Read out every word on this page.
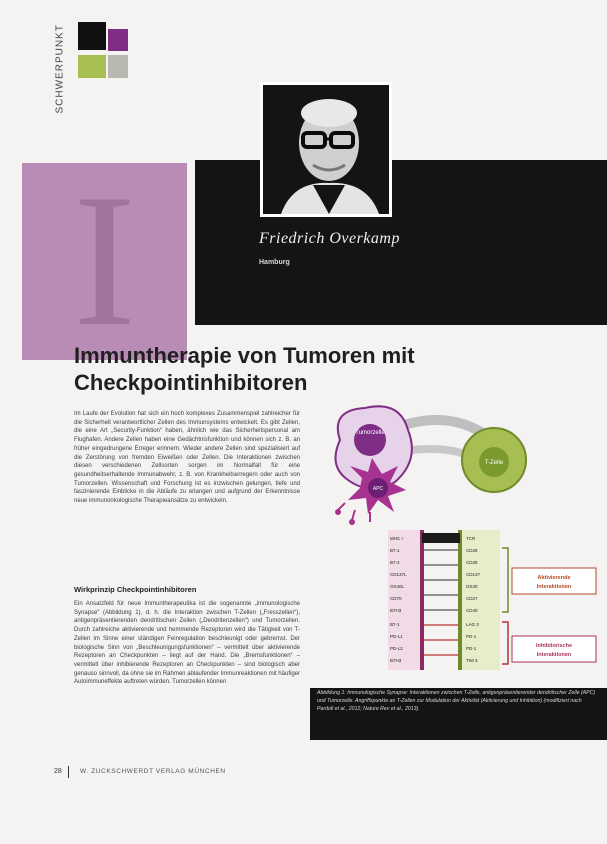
SCHWERPUNKT
I	Friedrich Overkamp
Hamburg
Immuntherapie von Tumoren mit Checkpointinhibitoren

Im Laufe der Evolution hat sich ein hoch komplexes Zusammenspiel zahlreicher für die Sicherheit verantwortlicher Zellen des Immunsystems entwickelt. Es gibt Zellen, die eine Art „Security-Funktion“ haben, ähnlich wie das Sicherheitspersonal am Flughafen. Andere Zellen haben eine Gedächtnisfunktion und können sich z. B. an früher eingedrungene Erreger erinnern. Wieder andere Zellen sind spezialisiert auf die Zerstörung von fremden Eiweißen oder Zellen. Die Interaktionen zwischen diesen verschiedenen Zellsorten sorgen im Normalfall für eine gesundheitserhaltende Immunabwehr, z. B. von Krankheitserregern oder auch von Tumorzellen. Wissenschaft und Forschung ist es inzwischen gelungen, tiefe und faszinierende Einblicke in die Abläufe zu erlangen und aufgrund der Erkenntnisse neue immunonkologische Therapieansätze zu entwickeln.

Wirkprinzip Checkpointinhibitoren

Ein Ansatzfeld für neue Immuntherapeutika ist die sogenannte „immunologische Synapse“ (Abbildung 1), d. h. die Interaktion zwischen T-Zellen („Fresszellen“), antigenpräsentierenden dendritischen Zellen („Dendritenzellen“) und Tumorzellen. Durch zahlreiche aktivierende und hemmende Rezeptoren wird die Tätigkeit von T-Zellen im Sinne einer ständigen Feinregulation beschleunigt oder gebremst. Der biologische Sinn von „Beschleunigungsfunktionen“ – vermittelt über aktivierende Rezeptoren an Checkpunkten – liegt auf der Hand. Die „Bremsfunktionen“ – vermittelt über inhibierende Rezeptoren an Checkpunkten – sind biologisch aber genauso sinnvoll, da ohne sie im Rahmen ablaufender Immunreaktionen mit häufiger Autoimmuneffekte auftreten würden. Tumorzellen können

Tumorzelle
APC
T-Zelle
MHC I
B7-1
B7-2
CD137L
OX40L
CD70
B7H3
B7-1
PD-L1
PD-L2
B7H3
TCR
CD28
CD28
CD137
OX40
CD27
CD40
LAG 3
PD-1
PD-1
TIM 3
Aktivierende
Interaktionen
Inhibitorische
Interaktionen

Abbildung 1: Immunologische Synapse: Interaktionen zwischen T-Zelle, antigenpräsentierender dendritischer Zelle (APC) und Tumorzelle. Angriffspunkte an T-Zellen zur Modulation der Aktivität (Aktivierung und Inhibition) (modifiziert nach Pardoll et al., 2012; Nature Rev et al., 2013).

28	W. ZUCKSCHWERDT VERLAG MÜNCHEN
